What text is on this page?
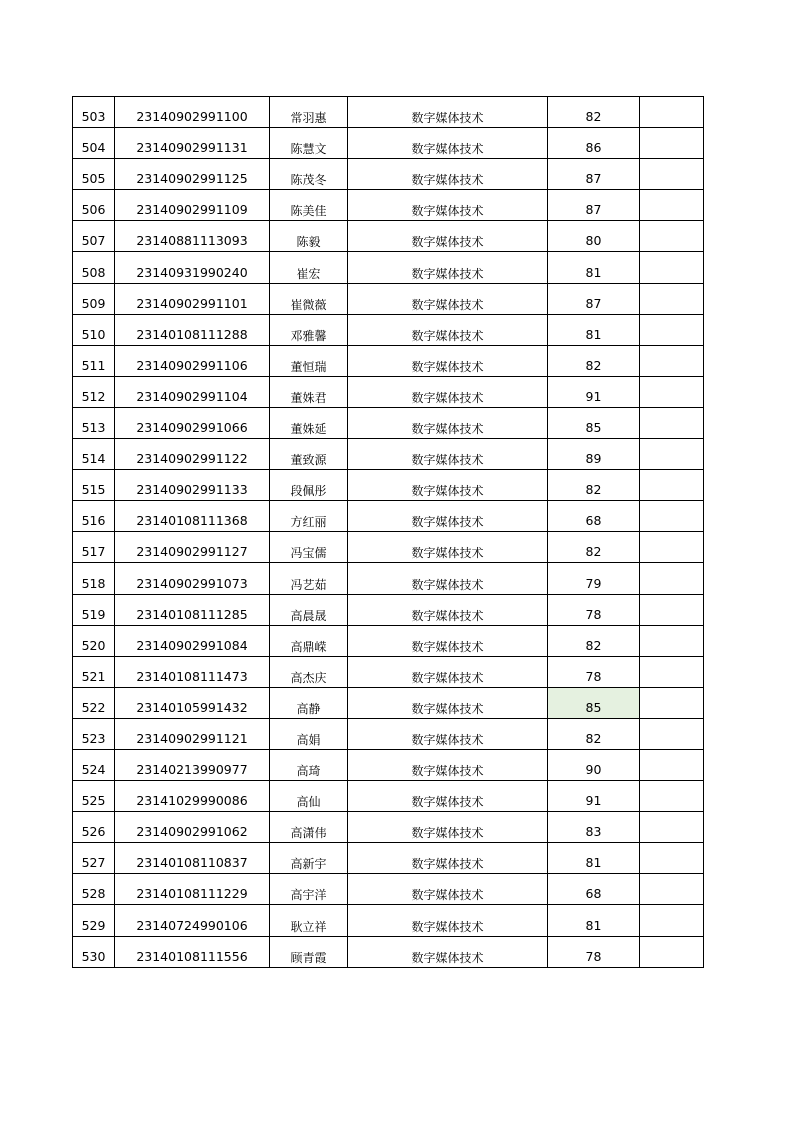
503	23140902991100	常羽惠	数字媒体技术	82	
504	23140902991131	陈慧文	数字媒体技术	86	
505	23140902991125	陈茂冬	数字媒体技术	87	
506	23140902991109	陈美佳	数字媒体技术	87	
507	23140881113093	陈毅	数字媒体技术	80	
508	23140931990240	崔宏	数字媒体技术	81	
509	23140902991101	崔微薇	数字媒体技术	87	
510	23140108111288	邓雅馨	数字媒体技术	81	
511	23140902991106	董恒瑞	数字媒体技术	82	
512	23140902991104	董姝君	数字媒体技术	91	
513	23140902991066	董姝延	数字媒体技术	85	
514	23140902991122	董致源	数字媒体技术	89	
515	23140902991133	段佩彤	数字媒体技术	82	
516	23140108111368	方红丽	数字媒体技术	68	
517	23140902991127	冯宝儒	数字媒体技术	82	
518	23140902991073	冯艺茹	数字媒体技术	79	
519	23140108111285	高晨晟	数字媒体技术	78	
520	23140902991084	高鼎嵘	数字媒体技术	82	
521	23140108111473	高杰庆	数字媒体技术	78	
522	23140105991432	高静	数字媒体技术	85	
523	23140902991121	高娟	数字媒体技术	82	
524	23140213990977	高琦	数字媒体技术	90	
525	23141029990086	高仙	数字媒体技术	91	
526	23140902991062	高潇伟	数字媒体技术	83	
527	23140108110837	高新宇	数字媒体技术	81	
528	23140108111229	高宇洋	数字媒体技术	68	
529	23140724990106	耿立祥	数字媒体技术	81	
530	23140108111556	顾青霞	数字媒体技术	78	
